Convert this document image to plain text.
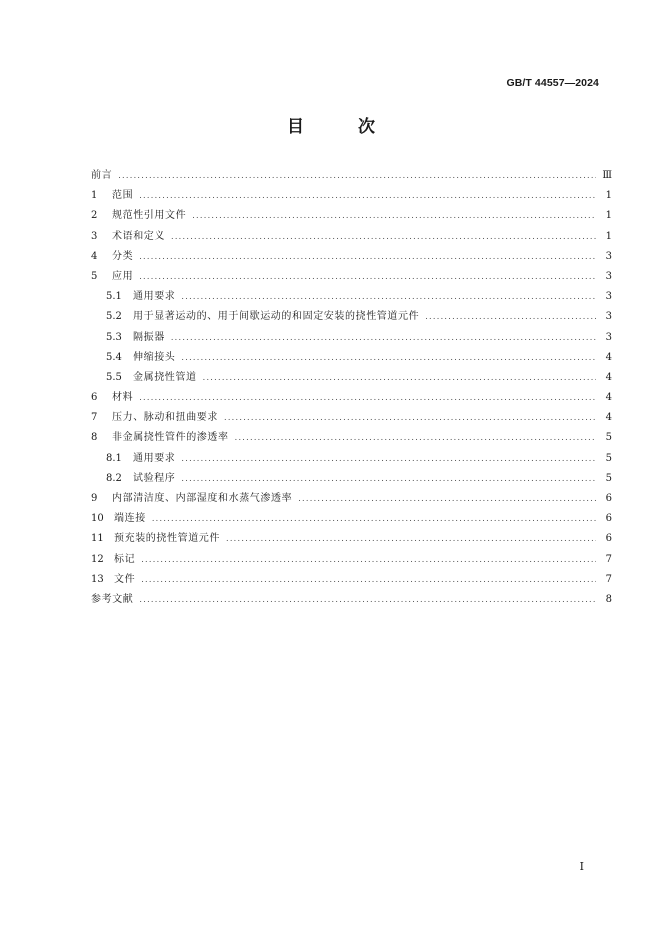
GB/T 44557—2024
目 次
前言 .....	Ⅲ
1	范围 .....	1
2	规范性引用文件 .....	1
3	术语和定义 .....	1
4	分类 .....	3
5	应用 .....	3
5.1	通用要求 .....	3
5.2	用于显著运动的、用于间歇运动的和固定安装的挠性管道元件 .....	3
5.3	隔振器 .....	3
5.4	伸缩接头 .....	4
5.5	金属挠性管道 .....	4
6	材料 .....	4
7	压力、脉动和扭曲要求 .....	4
8	非金属挠性管件的渗透率 .....	5
8.1	通用要求 .....	5
8.2	试验程序 .....	5
9	内部清洁度、内部湿度和水蒸气渗透率 .....	6
10	端连接 .....	6
11	预充装的挠性管道元件 .....	6
12	标记 .....	7
13	文件 .....	7
参考文献 .....	8
I
